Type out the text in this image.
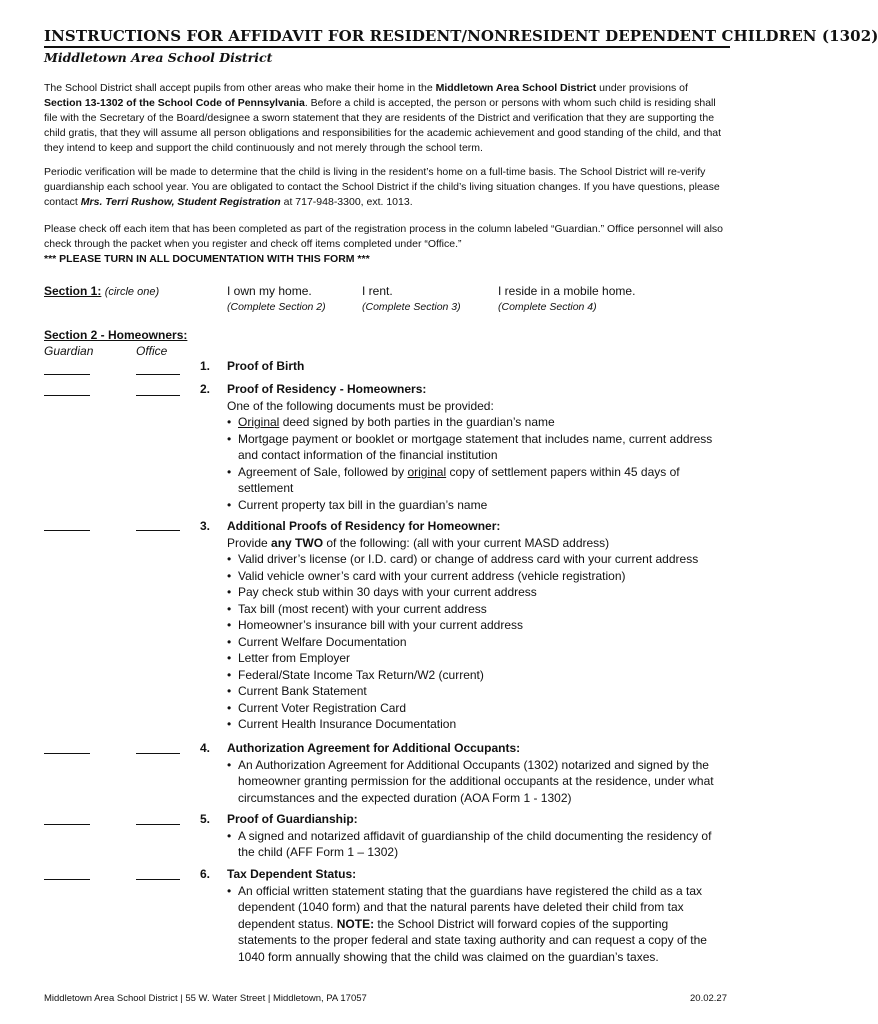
INSTRUCTIONS FOR AFFIDAVIT FOR RESIDENT/NONRESIDENT DEPENDENT CHILDREN (1302)
Middletown Area School District
The School District shall accept pupils from other areas who make their home in the Middletown Area School District under provisions of Section 13-1302 of the School Code of Pennsylvania. Before a child is accepted, the person or persons with whom such child is residing shall file with the Secretary of the Board/designee a sworn statement that they are residents of the District and verification that they are supporting the child gratis, that they will assume all person obligations and responsibilities for the academic achievement and good standing of the child, and that they intend to keep and support the child continuously and not merely through the school term.
Periodic verification will be made to determine that the child is living in the resident’s home on a full-time basis. The School District will re-verify guardianship each school year. You are obligated to contact the School District if the child’s living situation changes. If you have questions, please contact Mrs. Terri Rushow, Student Registration at 717-948-3300, ext. 1013.
Please check off each item that has been completed as part of the registration process in the column labeled “Guardian.” Office personnel will also check through the packet when you register and check off items completed under “Office.”
*** PLEASE TURN IN ALL DOCUMENTATION WITH THIS FORM ***
Section 1: (circle one)	I own my home.
(Complete Section 2)
I rent.
(Complete Section 3)
I reside in a mobile home.
(Complete Section 4)
Section 2 - Homeowners:
Guardian	Office
1. Proof of Birth
2. Proof of Residency - Homeowners:
One of the following documents must be provided:
• Original deed signed by both parties in the guardian’s name
• Mortgage payment or booklet or mortgage statement that includes name, current address and contact information of the financial institution
• Agreement of Sale, followed by original copy of settlement papers within 45 days of settlement
• Current property tax bill in the guardian’s name
3. Additional Proofs of Residency for Homeowner:
Provide any TWO of the following: (all with your current MASD address)
• Valid driver’s license (or I.D. card) or change of address card with your current address
• Valid vehicle owner’s card with your current address (vehicle registration)
• Pay check stub within 30 days with your current address
• Tax bill (most recent) with your current address
• Homeowner’s insurance bill with your current address
• Current Welfare Documentation
• Letter from Employer
• Federal/State Income Tax Return/W2 (current)
• Current Bank Statement
• Current Voter Registration Card
• Current Health Insurance Documentation
4. Authorization Agreement for Additional Occupants:
• An Authorization Agreement for Additional Occupants (1302) notarized and signed by the homeowner granting permission for the additional occupants at the residence, under what circumstances and the expected duration (AOA Form 1 - 1302)
5. Proof of Guardianship:
• A signed and notarized affidavit of guardianship of the child documenting the residency of the child (AFF Form 1 – 1302)
6. Tax Dependent Status:
• An official written statement stating that the guardians have registered the child as a tax dependent (1040 form) and that the natural parents have deleted their child from tax dependent status. NOTE: the School District will forward copies of the supporting statements to the proper federal and state taxing authority and can request a copy of the 1040 form annually showing that the child was claimed on the guardian’s taxes.
Middletown Area School District | 55 W. Water Street | Middletown, PA 17057	20.02.27
